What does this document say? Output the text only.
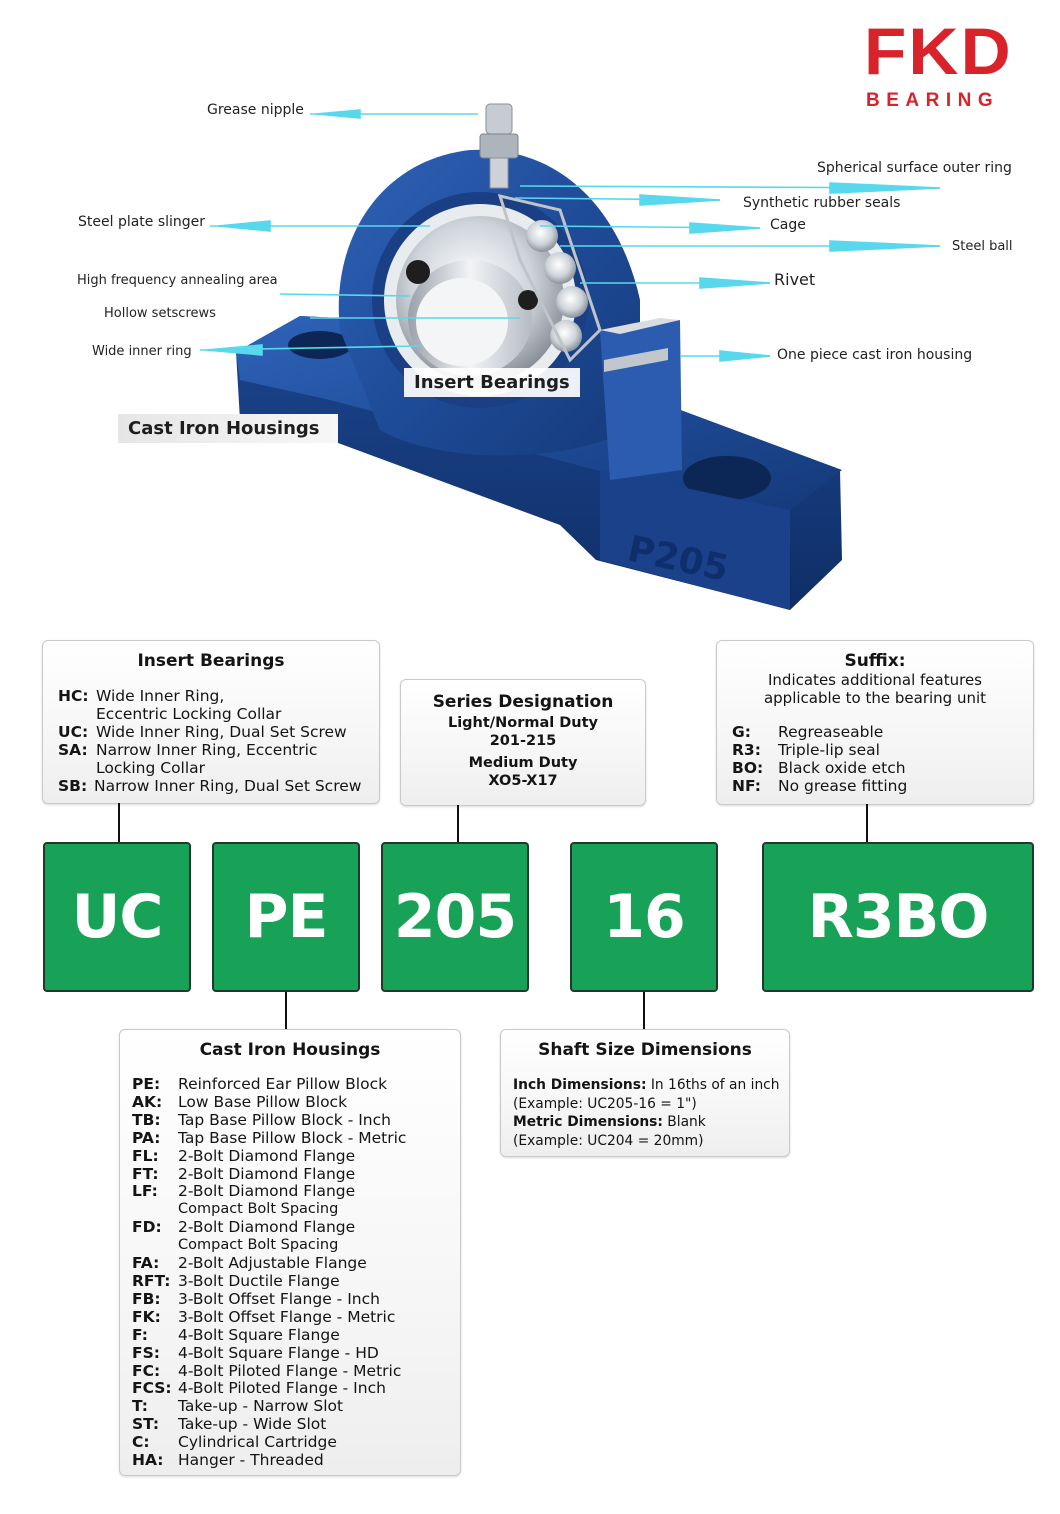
FKD
BEARING
P205
Grease nipple
Spherical surface outer ring
Synthetic rubber seals
Steel plate slinger	Cage
Steel ball
High frequency annealing area	Rivet
Hollow setscrews
Wide inner ring	One piece cast iron housing
Insert Bearings
Cast Iron Housings
Insert Bearings
HC: Wide Inner Ring,
Eccentric Locking Collar
UC: Wide Inner Ring, Dual Set Screw
SA: Narrow Inner Ring, Eccentric
Locking Collar
SB: Narrow Inner Ring, Dual Set Screw
Series Designation
Light/Normal Duty
201-215
Medium Duty
XO5-X17
Suffix:
Indicates additional features
applicable to the bearing unit
G:	Regreaseable
R3:	Triple-lip seal
BO: Black oxide etch
NF:	No grease fitting
UC	PE	205	16	R3BO
Cast Iron Housings
PE:	Reinforced Ear Pillow Block
AK:	Low Base Pillow Block
TB:	Tap Base Pillow Block - Inch
PA:	Tap Base Pillow Block - Metric
FL:	2-Bolt Diamond Flange
FT:	2-Bolt Diamond Flange
LF:	2-Bolt Diamond Flange
Compact Bolt Spacing
FD:	2-Bolt Diamond Flange
Compact Bolt Spacing
FA:	2-Bolt Adjustable Flange
RFT: 3-Bolt Ductile Flange
FB:	3-Bolt Offset Flange - Inch
FK:	3-Bolt Offset Flange - Metric
F:	4-Bolt Square Flange
FS:	4-Bolt Square Flange - HD
FC:	4-Bolt Piloted Flange - Metric
FCS: 4-Bolt Piloted Flange - Inch
T:	Take-up - Narrow Slot
ST:	Take-up - Wide Slot
C:	Cylindrical Cartridge
HA: Hanger - Threaded
Shaft Size Dimensions
Inch Dimensions: In 16ths of an inch
(Example: UC205-16 = 1")
Metric Dimensions: Blank
(Example: UC204 = 20mm)
